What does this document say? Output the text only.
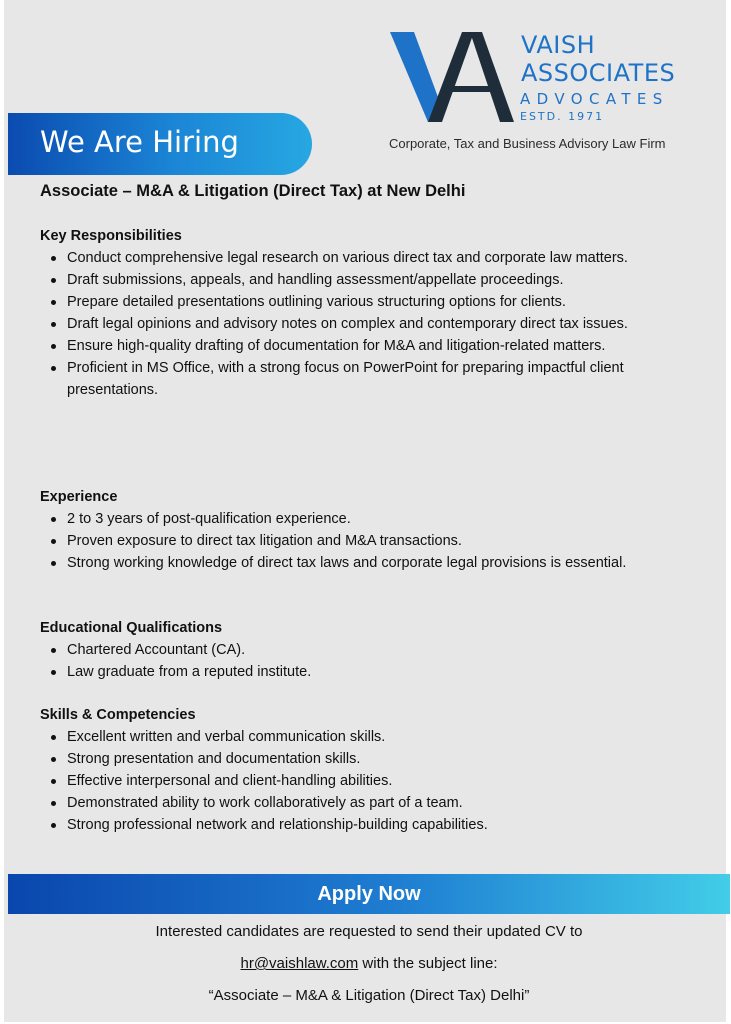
VAISH
ASSOCIATES
ADVOCATES
ESTD. 1971
Corporate, Tax and Business Advisory Law Firm
We Are Hiring
Associate – M&A & Litigation (Direct Tax) at New Delhi
Key Responsibilities
Conduct comprehensive legal research on various direct tax and corporate law matters.
Draft submissions, appeals, and handling assessment/appellate proceedings.
Prepare detailed presentations outlining various structuring options for clients.
Draft legal opinions and advisory notes on complex and contemporary direct tax issues.
Ensure high-quality drafting of documentation for M&A and litigation-related matters.
Proficient in MS Office, with a strong focus on PowerPoint for preparing impactful client presentations.
Experience
2 to 3 years of post-qualification experience.
Proven exposure to direct tax litigation and M&A transactions.
Strong working knowledge of direct tax laws and corporate legal provisions is essential.
Educational Qualifications
Chartered Accountant (CA).
Law graduate from a reputed institute.
Skills & Competencies
Excellent written and verbal communication skills.
Strong presentation and documentation skills.
Effective interpersonal and client-handling abilities.
Demonstrated ability to work collaboratively as part of a team.
Strong professional network and relationship-building capabilities.
Apply Now
Interested candidates are requested to send their updated CV to
hr@vaishlaw.com with the subject line:
“Associate – M&A & Litigation (Direct Tax) Delhi”
